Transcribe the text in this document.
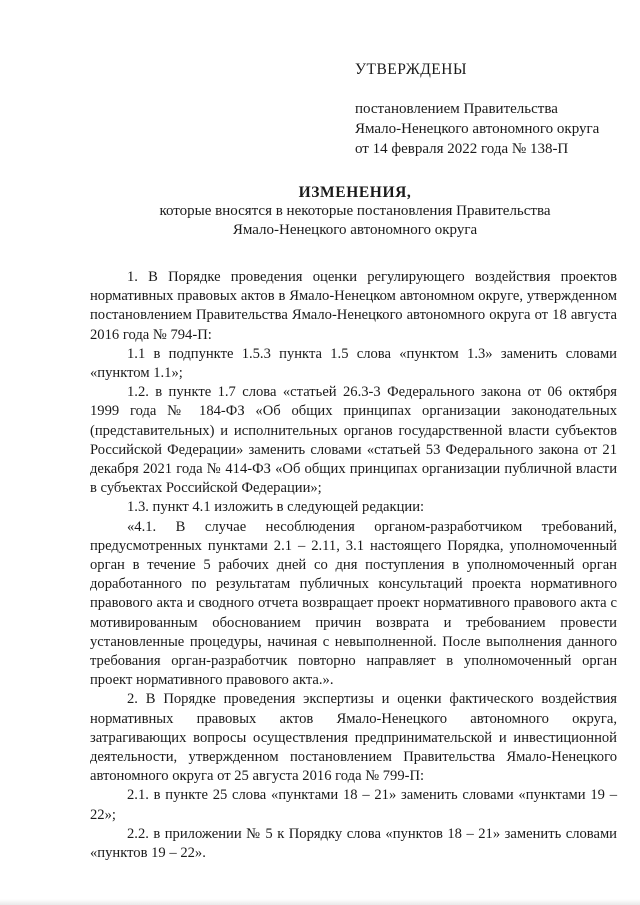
УТВЕРЖДЕНЫ
постановлением Правительства
Ямало-Ненецкого автономного округа
от 14 февраля 2022 года № 138-П
ИЗМЕНЕНИЯ,
которые вносятся в некоторые постановления Правительства
Ямало-Ненецкого автономного округа

1. В Порядке проведения оценки регулирующего воздействия проектов нормативных правовых актов в Ямало-Ненецком автономном округе, утвержденном постановлением Правительства Ямало-Ненецкого автономного округа от 18 августа 2016 года № 794-П:

1.1 в подпункте 1.5.3 пункта 1.5 слова «пунктом 1.3» заменить словами «пунктом 1.1»;

1.2. в пункте 1.7 слова «статьей 26.3-3 Федерального закона от 06 октября 1999 года № 184-ФЗ «Об общих принципах организации законодательных (представительных) и исполнительных органов государственной власти субъектов Российской Федерации» заменить словами «статьей 53 Федерального закона от 21 декабря 2021 года № 414-ФЗ «Об общих принципах организации публичной власти в субъектах Российской Федерации»;

1.3. пункт 4.1 изложить в следующей редакции:

«4.1. В случае несоблюдения органом-разработчиком требований, предусмотренных пунктами 2.1 – 2.11, 3.1 настоящего Порядка, уполномоченный орган в течение 5 рабочих дней со дня поступления в уполномоченный орган доработанного по результатам публичных консультаций проекта нормативного правового акта и сводного отчета возвращает проект нормативного правового акта с мотивированным обоснованием причин возврата и требованием провести установленные процедуры, начиная с невыполненной. После выполнения данного требования орган-разработчик повторно направляет в уполномоченный орган проект нормативного правового акта.».

2. В Порядке проведения экспертизы и оценки фактического воздействия нормативных правовых актов Ямало-Ненецкого автономного округа, затрагивающих вопросы осуществления предпринимательской и инвестиционной деятельности, утвержденном постановлением Правительства Ямало-Ненецкого автономного округа от 25 августа 2016 года № 799-П:

2.1. в пункте 25 слова «пунктами 18 – 21» заменить словами «пунктами 19 – 22»;

2.2. в приложении № 5 к Порядку слова «пунктов 18 – 21» заменить словами «пунктов 19 – 22».
